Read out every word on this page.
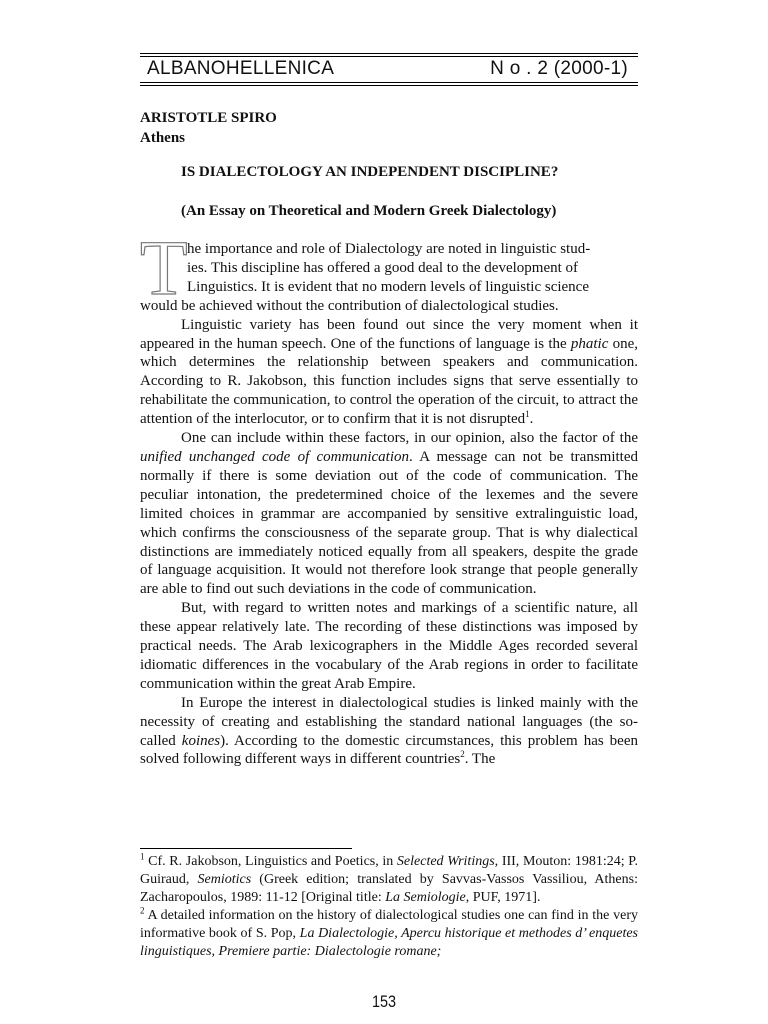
ALBANOHELLENICA	N o . 2 (2000-1)
ARISTOTLE SPIRO
Athens
IS DIALECTOLOGY AN INDEPENDENT DISCIPLINE?
(An Essay on Theoretical and Modern Greek Dialectology)
T he importance and role of Dialectology are noted in linguistic stud-
ies. This discipline has offered a good deal to the development of
Linguistics. It is evident that no modern levels of linguistic science
would be achieved without the contribution of dialectological studies.

Linguistic variety has been found out since the very moment when it appeared in the human speech. One of the functions of language is the phatic one, which determines the relationship between speakers and communication. According to R. Jakobson, this function includes signs that serve essentially to rehabilitate the communication, to control the operation of the circuit, to attract the attention of the interlocutor, or to confirm that it is not disrupted$^1$.

One can include within these factors, in our opinion, also the factor of the unified unchanged code of communication. A message can not be transmitted normally if there is some deviation out of the code of communication. The peculiar intonation, the predetermined choice of the lexemes and the severe limited choices in grammar are accompanied by sensitive extralinguistic load, which confirms the consciousness of the separate group. That is why dialectical distinctions are immediately noticed equally from all speakers, despite the grade of language acquisition. It would not therefore look strange that people generally are able to find out such deviations in the code of communication.

But, with regard to written notes and markings of a scientific nature, all these appear relatively late. The recording of these distinctions was imposed by practical needs. The Arab lexicographers in the Middle Ages recorded several idiomatic differences in the vocabulary of the Arab regions in order to facilitate communication within the great Arab Empire.

In Europe the interest in dialectological studies is linked mainly with the necessity of creating and establishing the standard national languages (the so-called koines). According to the domestic circumstances, this problem has been solved following different ways in different countries$^2$. The

$^1$ Cf. R. Jakobson, Linguistics and Poetics, in Selected Writings, III, Mouton: 1981:24; P. Guiraud, Semiotics (Greek edition; translated by Savvas-Vassos Vassiliou, Athens: Zacharopoulos, 1989: 11-12 [Original title: La Semiologie, PUF, 1971].

$^2$ A detailed information on the history of dialectological studies one can find in the very informative book of S. Pop, La Dialectologie, Apercu historique et methodes d’ enquetes linguistiques, Premiere partie: Dialectologie romane;

153
